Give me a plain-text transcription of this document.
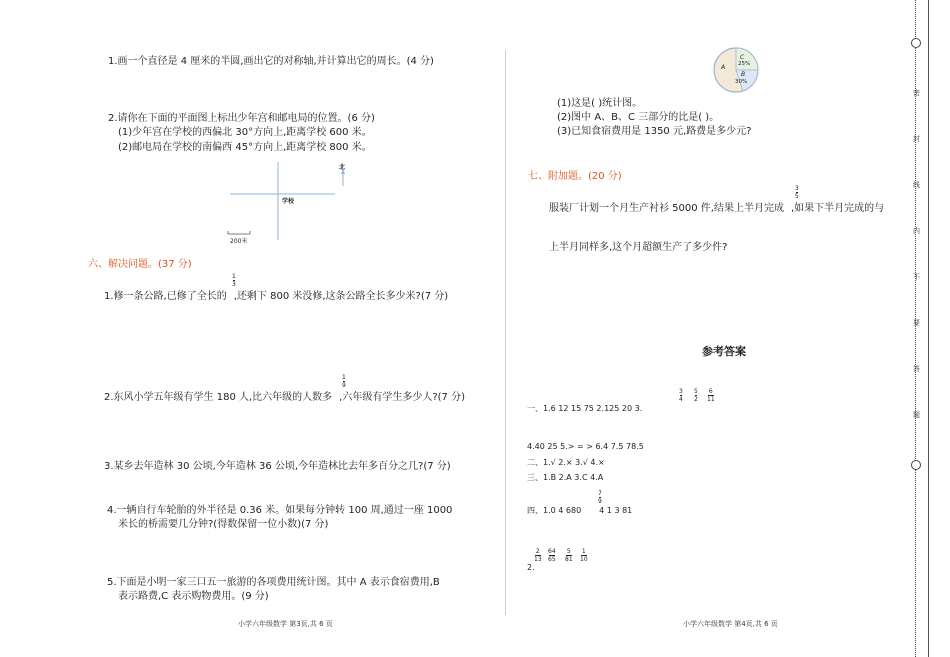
1.画一个直径是 4 厘米的半圆,画出它的对称轴,并计算出它的周长。(4 分)
2.请你在下面的平面图上标出少年宫和邮电局的位置。(6 分)
(1)少年宫在学校的西偏北 30°方向上,距离学校 600 米。
(2)邮电局在学校的南偏西 45°方向上,距离学校 800 米。
北
学校
200米
六、解决问题。(37 分)
1.修一条公路,已修了全长的 ,还剩下 800 米没修,这条公路全长多少米?(7 分)
1
3
2.东风小学五年级有学生 180 人,比六年级的人数多 ,六年级有学生多少人?(7 分)
1
9
3.某乡去年造林 30 公顷,今年造林 36 公顷,今年造林比去年多百分之几?(7 分)
4.一辆自行车轮胎的外半径是 0.36 米。如果每分钟转 100 周,通过一座 1000
米长的桥需要几分钟?(得数保留一位小数)(7 分)
5.下面是小明一家三口五一旅游的各项费用统计图。其中 A 表示食宿费用,B
表示路费,C 表示购物费用。(9 分)
小学六年级数学 第3页,共 6 页
A
C
25%
B
30%
(1)这是( )统计图。
(2)图中 A、B、C 三部分的比是( )。
(3)已知食宿费用是 1350 元,路费是多少元?
七、附加题。(20 分)
服装厂计划一个月生产衬衫 5000 件,结果上半月完成 ,如果下半月完成的与
3
5
上半月同样多,这个月超额生产了多少件?
参考答案
一、1.6 12 15 75 2.125 20 3.
3
4
5
2
6
11
4.40 25 5.> = > 6.4 7.5 78.5
二、1.√ 2.× 3.√ 4.×
三、1.B 2.A 3.C 4.A
四、1.0 4 680 4 1 3 81
7
9
2
13
64
65
5
81
1
10
2.
小学六年级数学 第4页,共 6 页
密
封
线
内
不
要
答
题
